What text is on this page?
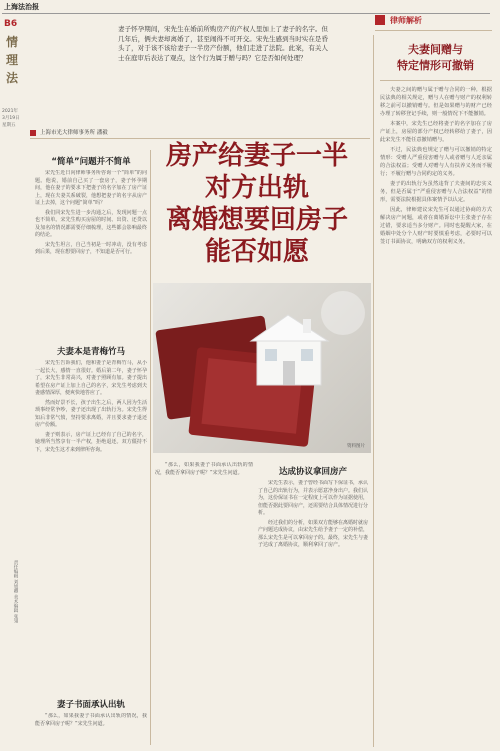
上海法治报
B6
情理法
2021年
3月19日
星期五
责任编辑 刘旭卿 美术编辑 张翎
律师解析
妻子怀孕期间，宋先生在婚前所购房产的产权人里加上了妻子的名字。但几年后，俩夫妻却离婚了，甚至闹得不可开交。宋先生感到当时实在是昏头了，对于该不该给妻子一半房产份额，他们走进了法院。此案，有关人士在庭审后表达了观点，这个行为属于赠与吗？它是否如何处理？
上海市光大律师事务所 潘毅
“简单”问题并不简单

宋先生近日向律师事务所咨询一个“简单”的问题。他说，婚前自己买了一套房子，妻子怀孕期间，他在妻子的要求下把妻子的名字加在了房产证上，现在夫妻关系破裂，他想把妻子的名字从房产证上去掉，这个问题“简单”吗？

我们同宋先生进一步沟通之后，发现问题一点也不简单。宋先生购买房屋的时间、出资、还贷以及加名的情况都需要仔细梳理，这些都会影响最终的结论。

宋先生坦言，自己当初是一时冲动，没有考虑到后果，现在想要回房子，不知道是否可行。

夫妻本是青梅竹马

宋先生告诉我们，他和妻子是青梅竹马，从小一起长大，感情一直很好。婚后第二年，妻子怀孕了，宋先生非常高兴，对妻子照顾有加。妻子提出希望在房产证上加上自己的名字，宋先生考虑到夫妻感情深厚，便爽快地答应了。

然而好景不长，孩子出生之后，两人因为生活琐事经常争吵，妻子还出现了出轨行为。宋先生得知后非常气愤，坚持要求离婚，并且要求妻子退还房产份额。

妻子则表示，房产证上已经有了自己的名字，她理所当然享有一半产权，拒绝退还。双方僵持不下，宋先生这才来到律所咨询。

妻子书面承认出轨

“那么，如果我妻子书面承认出轨的情况，我能否拿回房子呢？”宋先生问道。

房产给妻子一半
对方出轨
离婚想要回房子
能否如愿
资料图片

“那么，如果我妻子书面承认出轨的情况，我能否拿回房子呢？”宋先生问道。	达成协议拿回房产

宋先生表示，妻子曾经书面写下保证书，承认了自己的出轨行为，并表示愿意净身出户。我们认为，这份保证书在一定程度上可以作为证据使用，但能否据此要回房产，还需要结合具体情况进行分析。

经过我们的分析，如果双方能够在离婚时就房产问题达成协议，由宋先生给予妻子一定的补偿，那么宋先生是可以拿回房子的。最终，宋先生与妻子达成了离婚协议，顺利拿回了房产。

夫妻间赠与
特定情形可撤销

夫妻之间的赠与属于赠与合同的一种，根据民法典的相关规定，赠与人在赠与财产的权利转移之前可以撤销赠与。但是如果赠与的财产已经办理了转移登记手续，则一般情况下不能撤销。

本案中，宋先生已经将妻子的名字加在了房产证上，房屋的部分产权已经转移给了妻子，因此宋先生不能任意撤销赠与。

不过，民法典也规定了赠与可以撤销的特定情形：受赠人严重侵害赠与人或者赠与人近亲属的合法权益；受赠人对赠与人有扶养义务而不履行；不履行赠与合同约定的义务。

妻子的出轨行为虽然违背了夫妻间的忠实义务，但是否属于“严重侵害赠与人合法权益”的情形，需要法院根据具体案情予以认定。

因此，律师建议宋先生可以通过协商的方式解决房产问题，或者在离婚诉讼中主张妻子存在过错，要求适当多分财产。同时也提醒大家，在婚姻中处分个人财产时要慎重考虑，必要时可以签订书面协议，明确双方的权利义务。
